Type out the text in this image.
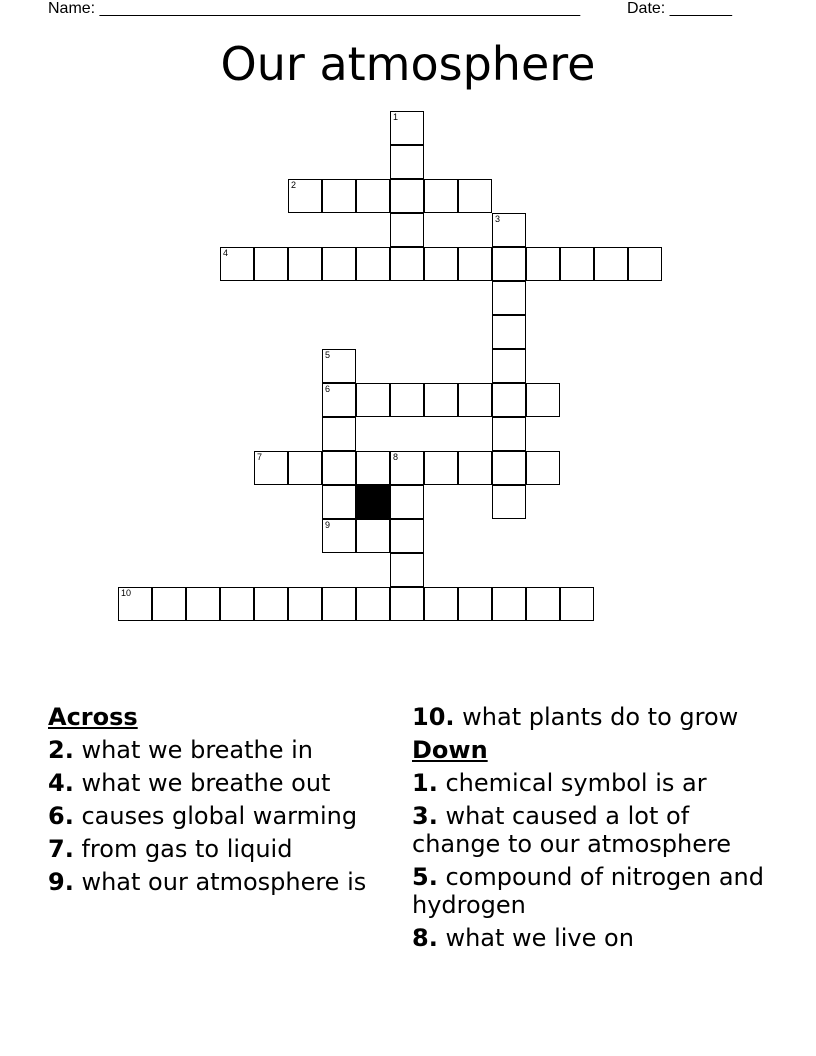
Name: ______________________________________________________	Date: _______
Our atmosphere
1
2
3
4
5
6
9
7	8
10
Across
2. what we breathe in
4. what we breathe out
6. causes global warming
7. from gas to liquid
9. what our atmosphere is
10. what plants do to grow
Down
1. chemical symbol is ar
3. what caused a lot of change to our atmosphere
5. compound of nitrogen and hydrogen
8. what we live on
